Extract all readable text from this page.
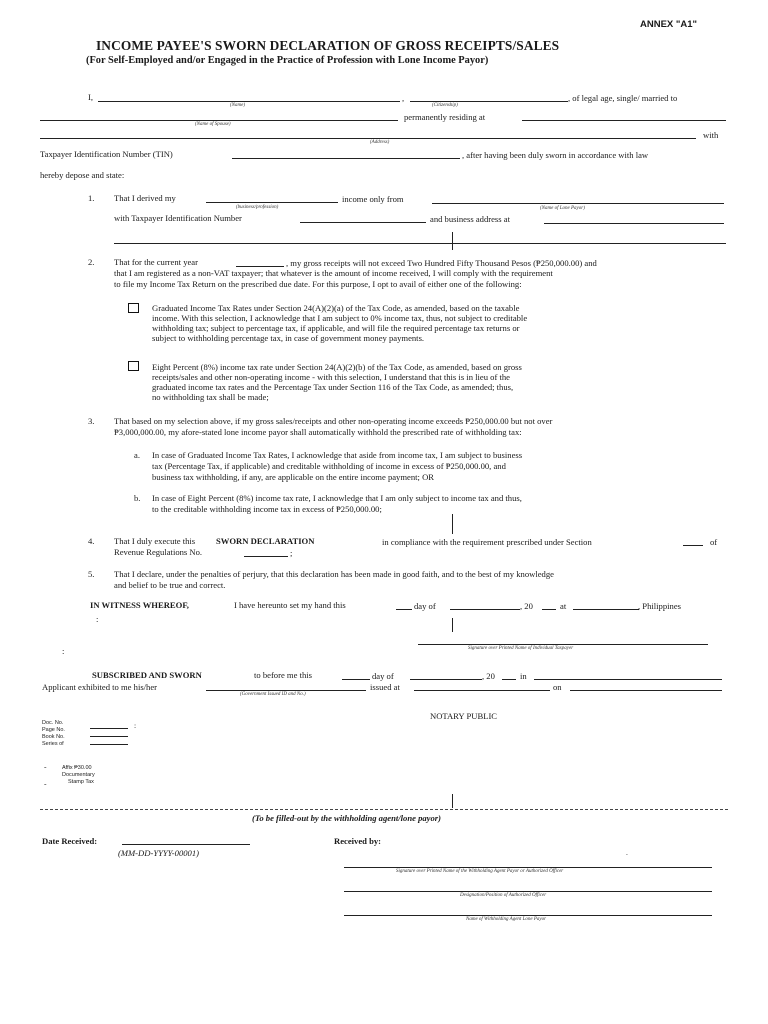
ANNEX "A1"
INCOME PAYEE'S SWORN DECLARATION OF GROSS RECEIPTS/SALES
(For Self-Employed and/or Engaged in the Practice of Profession with Lone Income Payor)
I,	,	, of legal age, single/ married to
(Name)	(Citizenship)
permanently residing at
(Name of Spouse)
with
(Address)
Taxpayer Identification Number (TIN)	, after having been duly sworn in accordance with law
hereby depose and state:
1. That I derived my	income only from
(business/profession)	(Name of Lone Payor)
with Taxpayer Identification Number	and business address at
2. That for the current year	, my gross receipts will not exceed Two Hundred Fifty Thousand Pesos (₱250,000.00) and
that I am registered as a non-VAT taxpayer; that whatever is the amount of income received, I will comply with the requirement
to file my Income Tax Return on the prescribed due date. For this purpose, I opt to avail of either one of the following:
Graduated Income Tax Rates under Section 24(A)(2)(a) of the Tax Code, as amended, based on the taxable
income. With this selection, I acknowledge that I am subject to 0% income tax, thus, not subject to creditable
withholding tax; subject to percentage tax, if applicable, and will file the required percentage tax returns or
subject to withholding percentage tax, in case of government money payments.
Eight Percent (8%) income tax rate under Section 24(A)(2)(b) of the Tax Code, as amended, based on gross
receipts/sales and other non-operating income - with this selection, I understand that this is in lieu of the
graduated income tax rates and the Percentage Tax under Section 116 of the Tax Code, as amended; thus,
no withholding tax shall be made;
3. That based on my selection above, if my gross sales/receipts and other non-operating income exceeds ₱250,000.00 but not over
₱3,000,000.00, my afore-stated lone income payor shall automatically withhold the prescribed rate of withholding tax:
a. In case of Graduated Income Tax Rates, I acknowledge that aside from income tax, I am subject to business
tax (Percentage Tax, if applicable) and creditable withholding of income in excess of ₱250,000.00, and
business tax withholding, if any, are applicable on the entire income payment; OR
b. In case of Eight Percent (8%) income tax rate, I acknowledge that I am only subject to income tax and thus,
to the creditable withholding income tax in excess of ₱250,000.00;
4. That I duly execute this SWORN DECLARATION	in compliance with the requirement prescribed under Section	of
Revenue Regulations No.	;
5. That I declare, under the penalties of perjury, that this declaration has been made in good faith, and to the best of my knowledge
and belief to be true and correct.
IN WITNESS WHEREOF,	I have hereunto set my hand this	day of	, 20	at	, Philippines
:
Signature over Printed Name of Individual Taxpayer
:
SUBSCRIBED AND SWORN	to before me this	day of	, 20	in
Applicant exhibited to me his/her	issued at	on
(Government Issued ID and No.)
NOTARY PUBLIC
Doc. No.
Page No.
Book No.
Series of
:
Affix ₱30.00
Documentary
Stamp Tax
-
-
(To be filled-out by the withholding agent/lone payor)
Date Received:
(MM-DD-YYYY-00001)
Received by:
.
Signature over Printed Name of the Withholding Agent Payor or Authorized Officer
Designation/Position of Authorized Officer
Name of Withholding Agent Lone Payor
